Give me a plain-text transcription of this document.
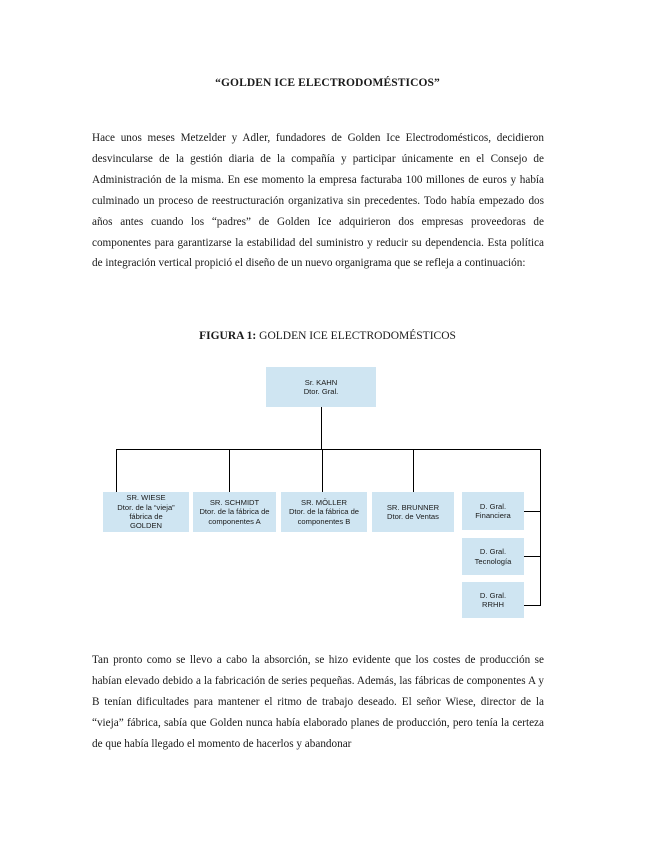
“GOLDEN ICE ELECTRODOMÉSTICOS”

Hace unos meses Metzelder y Adler, fundadores de Golden Ice Electrodomésticos, decidieron desvincularse de la gestión diaria de la compañía y participar únicamente en el Consejo de Administración de la misma. En ese momento la empresa facturaba 100 millones de euros y había culminado un proceso de reestructuración organizativa sin precedentes. Todo había empezado dos años antes cuando los “padres” de Golden Ice adquirieron dos empresas proveedoras de componentes para garantizarse la estabilidad del suministro y reducir su dependencia. Esta política de integración vertical propició el diseño de un nuevo organigrama que se refleja a continuación:

FIGURA 1: GOLDEN ICE ELECTRODOMÉSTICOS
Sr. KAHN
Dtor. Gral.
SR. WIESE
Dtor. de la “vieja”
fábrica de
GOLDEN
SR. SCHMIDT
Dtor. de la fábrica de
componentes A
SR. MÖLLER
Dtor. de la fábrica de
componentes B
SR. BRUNNER
Dtor. de Ventas
D. Gral.
Financiera
D. Gral.
Tecnología
D. Gral.
RRHH

Tan pronto como se llevo a cabo la absorción, se hizo evidente que los costes de producción se habían elevado debido a la fabricación de series pequeñas. Además, las fábricas de componentes A y B tenían dificultades para mantener el ritmo de trabajo deseado. El señor Wiese, director de la “vieja” fábrica, sabía que Golden nunca había elaborado planes de producción, pero tenía la certeza de que había llegado el momento de hacerlos y abandonar
